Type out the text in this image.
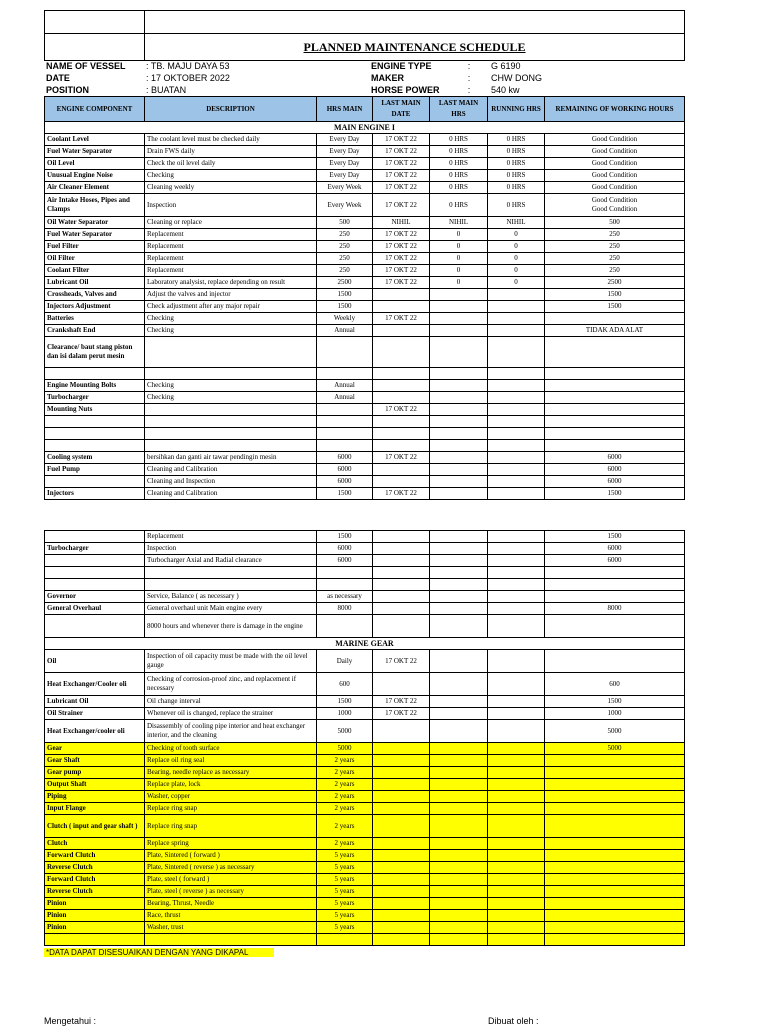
	PLANNED MAINTENANCE SCHEDULE
NAME OF VESSEL	: TB. MAJU DAYA 53	ENGINE TYPE	:	G 6190
DATE	: 17 OKTOBER 2022	MAKER	:	CHW DONG
POSITION	: BUATAN	HORSE POWER	:	540 kw
ENGINE COMPONENT	DESCRIPTION	HRS MAIN	LAST MAIN DATE	LAST MAIN HRS	RUNNING HRS	REMAINING OF WORKING HOURS
MAIN ENGINE I						
Coolant Level	The coolant level must be checked daily	Every Day	17 OKT 22	0 HRS	0 HRS	Good Condition
Fuel Water Separator	Drain FWS daily	Every Day	17 OKT 22	0 HRS	0 HRS	Good Condition
Oil Level	Check the oil level daily	Every Day	17 OKT 22	0 HRS	0 HRS	Good Condition
Unusual Engine Noise	Checking	Every Day	17 OKT 22	0 HRS	0 HRS	Good Condition
Air Cleaner Element	Cleaning weekly	Every Week	17 OKT 22	0 HRS	0 HRS	Good Condition
Air Intake Hoses, Pipes and Clamps	Inspection	Every Week	17 OKT 22	0 HRS	0 HRS	Good Condition
Good Condition
Oil Water Separator	Cleaning or replace	500	NIHIL	NIHIL	NIHIL	500
Fuel Water Separator	Replacement	250	17 OKT 22	0	0	250
Fuel Filter	Replacement	250	17 OKT 22	0	0	250
Oil Filter	Replacement	250	17 OKT 22	0	0	250
Coolant Filter	Replacement	250	17 OKT 22	0	0	250
Lubricant Oil	Laboratory analysist, replace depending on result	2500	17 OKT 22	0	0	2500
Crossheads, Valves and	Adjust the valves and injector	1500				1500
Injectors Adjustment	Check adjustment after any major repair	1500				1500
Batteries	Checking	Weekly	17 OKT 22			
Crankshaft End	Checking	Annual				TIDAK ADA ALAT
Clearance/ baut stang piston dan isi dalam perut mesin						

Engine Mounting Bolts	Checking	Annual				
Turbocharger	Checking	Annual				
Mounting Nuts			17 OKT 22			

Cooling system	bersihkan dan ganti air tawar pendingin mesin	6000	17 OKT 22			6000
Fuel Pump	Cleaning and Calibration	6000				6000
	Cleaning and Inspection	6000				6000
Injectors	Cleaning and Calibration	1500	17 OKT 22			1500
	Replacement	1500				1500
Turbocharger	Inspection	6000				6000
	Turbocharger Axial and Radial clearance	6000				6000

Governor	Service, Balance ( as necessary )	as necessary				
General Overhaul	General overhaul unit Main engine every	8000				8000
	8000 hours and whenever there is damage in the engine					
MARINE GEAR						
Oil	Inspection of oil capacity must be made with the oil level gauge	Daily	17 OKT 22			
Heat Exchanger/Cooler oli	Checking of corrosion-proof zinc, and replacement if necessary	600				600
Lubricant Oil	Oil change interval	1500	17 OKT 22			1500
Oil Strainer	Whenever oil is changed, replace the strainer	1000	17 OKT 22			1000
Heat Exchanger/cooler oli	Disassembly of cooling pipe interior and heat exchanger interior, and the cleaning	5000				5000
Gear	Checking of tooth surface	5000				5000
Gear Shaft	Replace oil ring seal	2 years				
Gear pump	Bearing, needle replace as necessary	2 years				
Output Shaft	Replace plate, lock	2 years				
Piping	Washer, copper	2 years				
Input Flange	Replace ring snap	2 years				
Clutch ( input and gear shaft )	Replace ring snap	2 years				
Clutch	Replace spring	2 years				
Forward Clutch	Plate, Sintered ( forward )	5 years				
Reverse Clutch	Plate, Sintered ( reverse ) as necessary	5 years				
Forward Clutch	Plate, steel ( forward )	5 years				
Reverse Clutch	Plate, steel ( reverse ) as necessary	5 years				
Pinion	Bearing, Thrust, Needle	5 years				
Pinion	Race, thrust	5 years				
Pinion	Washer, trust	5 years				

*DATA DAPAT DISESUAIKAN DENGAN YANG DIKAPAL
Mengetahui :	Dibuat oleh :
